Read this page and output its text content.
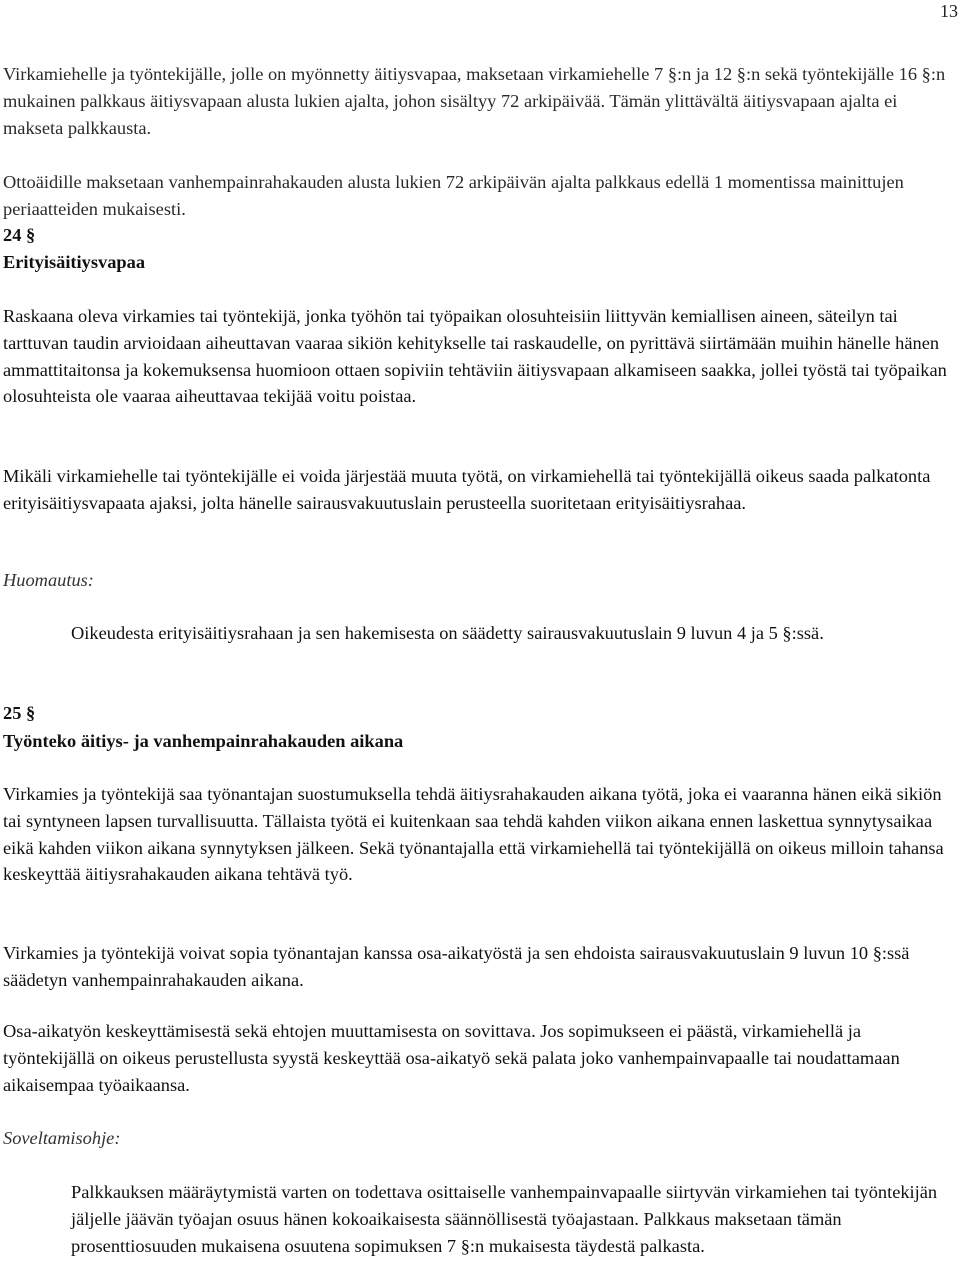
13

Virkamiehelle ja työntekijälle, jolle on myönnetty äitiysvapaa, maksetaan virkamiehelle 7 §:n ja 12 §:n sekä työntekijälle 16 §:n mukainen palkkaus äitiysvapaan alusta lukien ajalta, johon sisältyy 72 arkipäivää. Tämän ylittävältä äitiysvapaan ajalta ei makseta palkkausta.

Ottoäidille maksetaan vanhempainrahakauden alusta lukien 72 arkipäivän ajalta palkkaus edellä 1 momentissa mainittujen periaatteiden mukaisesti.

24 §

Erityisäitiysvapaa

Raskaana oleva virkamies tai työntekijä, jonka työhön tai työpaikan olosuhteisiin liittyvän kemiallisen aineen, säteilyn tai tarttuvan taudin arvioidaan aiheuttavan vaaraa sikiön kehitykselle tai raskaudelle, on pyrittävä siirtämään muihin hänelle hänen ammattitaitonsa ja kokemuksensa huomioon ottaen sopiviin tehtäviin äitiysvapaan alkamiseen saakka, jollei työstä tai työpaikan olosuhteista ole vaaraa aiheuttavaa tekijää voitu poistaa.

Mikäli virkamiehelle tai työntekijälle ei voida järjestää muuta työtä, on virkamiehellä tai työntekijällä oikeus saada palkatonta erityisäitiysvapaata ajaksi, jolta hänelle sairausvakuutuslain perusteella suoritetaan erityisäitiysrahaa.

Huomautus:

Oikeudesta erityisäitiysrahaan ja sen hakemisesta on säädetty sairausvakuutuslain 9 luvun 4 ja 5 §:ssä.

25 §

Työnteko äitiys- ja vanhempainrahakauden aikana

Virkamies ja työntekijä saa työnantajan suostumuksella tehdä äitiysrahakauden aikana työtä, joka ei vaaranna hänen eikä sikiön tai syntyneen lapsen turvallisuutta. Tällaista työtä ei kuitenkaan saa tehdä kahden viikon aikana ennen laskettua synnytysaikaa eikä kahden viikon aikana synnytyksen jälkeen. Sekä työnantajalla että virkamiehellä tai työntekijällä on oikeus milloin tahansa keskeyttää äitiysrahakauden aikana tehtävä työ.

Virkamies ja työntekijä voivat sopia työnantajan kanssa osa-aikatyöstä ja sen ehdoista sairausvakuutuslain 9 luvun 10 §:ssä säädetyn vanhempainrahakauden aikana.

Osa-aikatyön keskeyttämisestä sekä ehtojen muuttamisesta on sovittava. Jos sopimukseen ei päästä, virkamiehellä ja työntekijällä on oikeus perustellusta syystä keskeyttää osa-aikatyö sekä palata joko vanhempainvapaalle tai noudattamaan aikaisempaa työaikaansa.

Soveltamisohje:

Palkkauksen määräytymistä varten on todettava osittaiselle vanhempainvapaalle siirtyvän virkamiehen tai työntekijän jäljelle jäävän työajan osuus hänen kokoaikaisesta säännöllisestä työajastaan. Palkkaus maksetaan tämän prosenttiosuuden mukaisena osuutena sopimuksen 7 §:n mukaisesta täydestä palkasta.
